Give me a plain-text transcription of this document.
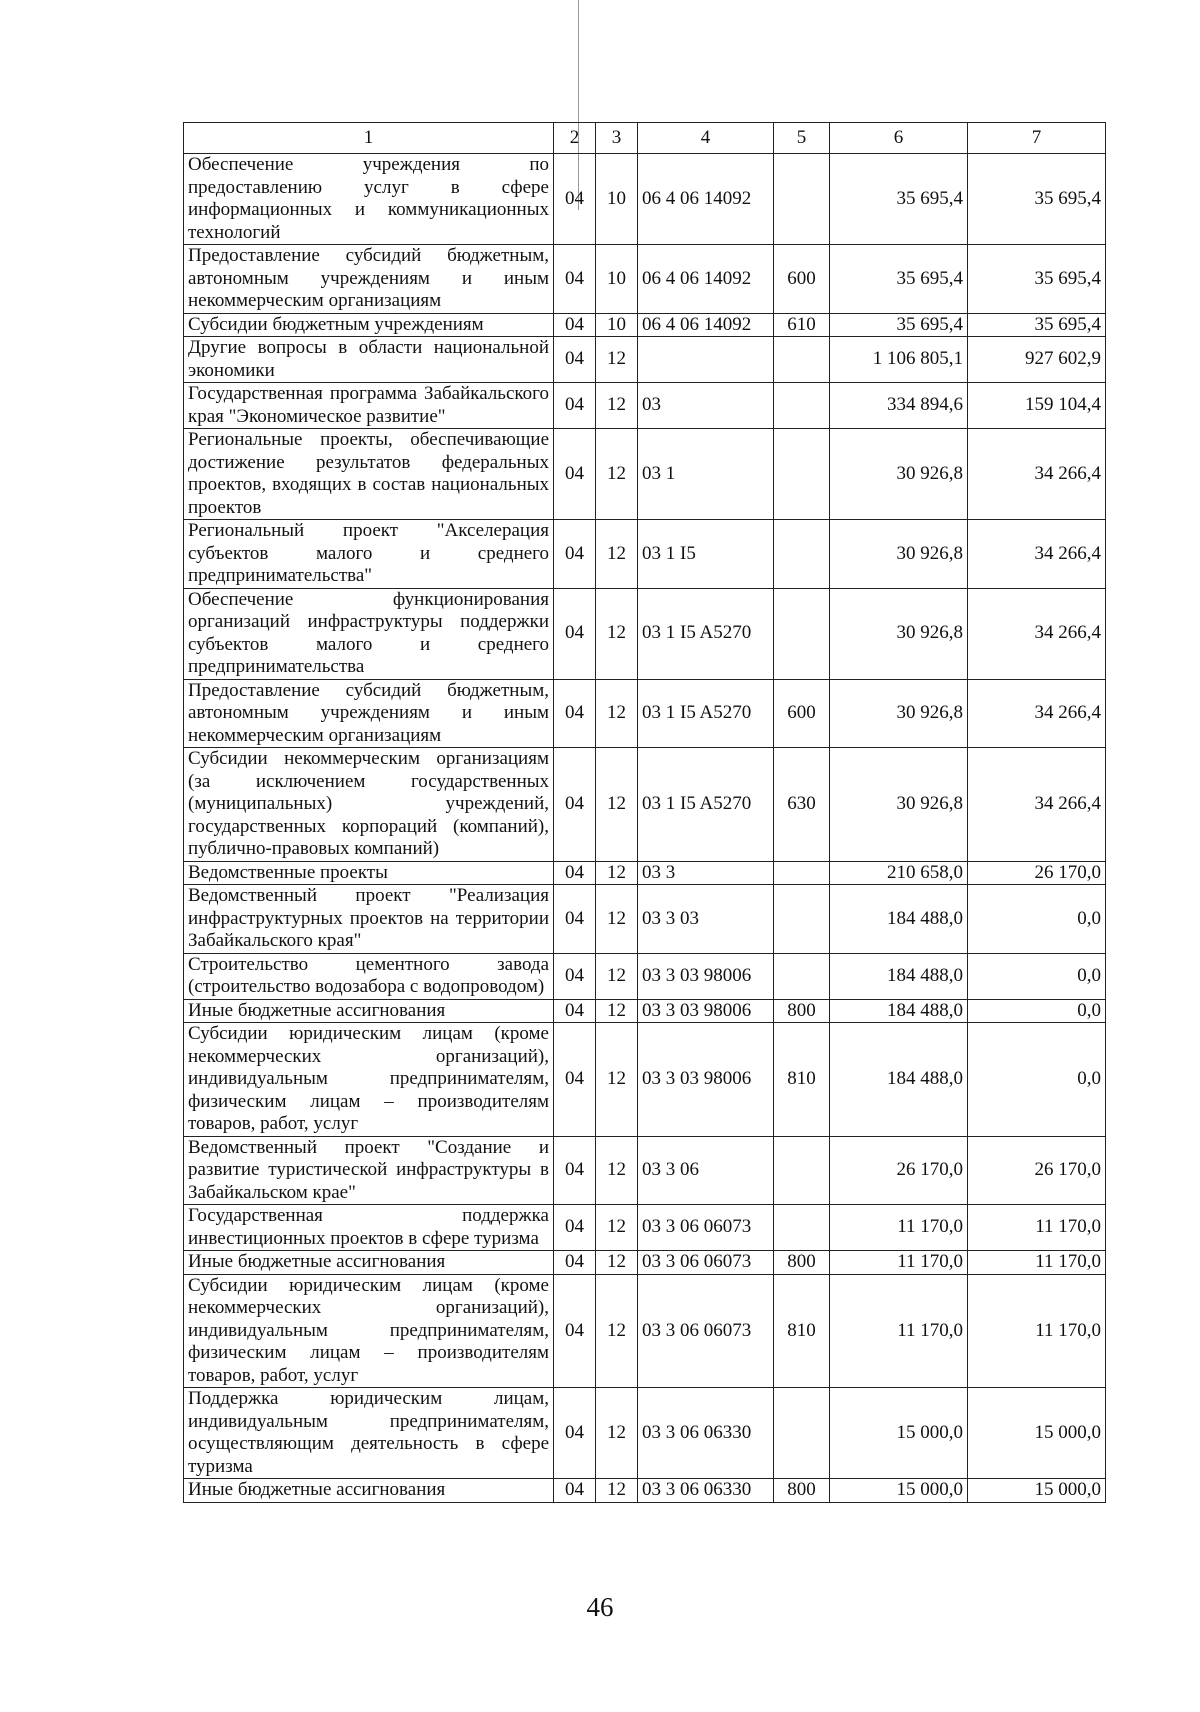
1	2	3	4	5	6	7
Обеспечение учреждения по предоставлению услуг в сфере информационных и коммуникационных технологий	04	10	06 4 06 14092		35 695,4	35 695,4
Предоставление субсидий бюджетным, автономным учреждениям и иным некоммерческим организациям	04	10	06 4 06 14092	600	35 695,4	35 695,4
Субсидии бюджетным учреждениям	04	10	06 4 06 14092	610	35 695,4	35 695,4
Другие вопросы в области национальной экономики	04	12			1 106 805,1	927 602,9
Государственная программа Забайкальского края "Экономическое развитие"	04	12	03		334 894,6	159 104,4
Региональные проекты, обеспечивающие достижение результатов федеральных проектов, входящих в состав национальных проектов	04	12	03 1		30 926,8	34 266,4
Региональный проект "Акселерация субъектов малого и среднего предпринимательства"	04	12	03 1 I5		30 926,8	34 266,4
Обеспечение функционирования организаций инфраструктуры поддержки субъектов малого и среднего предпринимательства	04	12	03 1 I5 A5270		30 926,8	34 266,4
Предоставление субсидий бюджетным, автономным учреждениям и иным некоммерческим организациям	04	12	03 1 I5 A5270	600	30 926,8	34 266,4
Субсидии некоммерческим организациям (за исключением государственных (муниципальных) учреждений, государственных корпораций (компаний), публично-правовых компаний)	04	12	03 1 I5 A5270	630	30 926,8	34 266,4
Ведомственные проекты	04	12	03 3		210 658,0	26 170,0
Ведомственный проект "Реализация инфраструктурных проектов на территории Забайкальского края"	04	12	03 3 03		184 488,0	0,0
Строительство цементного завода (строительство водозабора с водопроводом)	04	12	03 3 03 98006		184 488,0	0,0
Иные бюджетные ассигнования	04	12	03 3 03 98006	800	184 488,0	0,0
Субсидии юридическим лицам (кроме некоммерческих организаций), индивидуальным предпринимателям, физическим лицам – производителям товаров, работ, услуг	04	12	03 3 03 98006	810	184 488,0	0,0
Ведомственный проект "Создание и развитие туристической инфраструктуры в Забайкальском крае"	04	12	03 3 06		26 170,0	26 170,0
Государственная поддержка инвестиционных проектов в сфере туризма	04	12	03 3 06 06073		11 170,0	11 170,0
Иные бюджетные ассигнования	04	12	03 3 06 06073	800	11 170,0	11 170,0
Субсидии юридическим лицам (кроме некоммерческих организаций), индивидуальным предпринимателям, физическим лицам – производителям товаров, работ, услуг	04	12	03 3 06 06073	810	11 170,0	11 170,0
Поддержка юридическим лицам, индивидуальным предпринимателям, осуществляющим деятельность в сфере туризма	04	12	03 3 06 06330		15 000,0	15 000,0
Иные бюджетные ассигнования	04	12	03 3 06 06330	800	15 000,0	15 000,0
46
